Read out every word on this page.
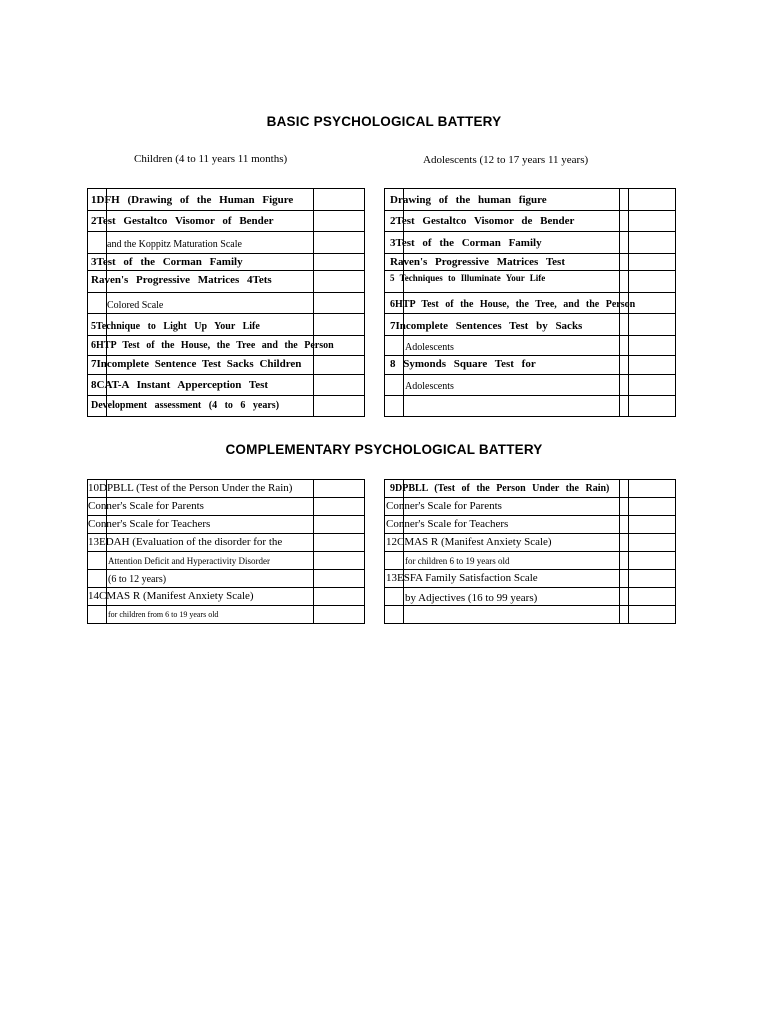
BASIC PSYCHOLOGICAL BATTERY
Children (4 to 11 years 11 months)	Adolescents (12 to 17 years 11 years)
1DFH (Drawing of the Human Figure
2Test Gestaltco Visomor of Bender
and the Koppitz Maturation Scale
3Test of the Corman Family
Raven's Progressive Matrices 4Tets
Colored Scale
5Technique to Light Up Your Life
6HTP Test of the House, the Tree and the Person
7Incomplete Sentence Test Sacks Children
8CAT-A Instant Apperception Test
Development assessment (4 to 6 years)
Drawing of the human figure
2Test Gestaltco Visomor de Bender
3Test of the Corman Family
Raven's Progressive Matrices Test
5 Techniques to Illuminate Your Life
6HTP Test of the House, the Tree, and the Person
7Incomplete Sentences Test by Sacks
Adolescents
8 Symonds Square Test for
Adolescents
COMPLEMENTARY PSYCHOLOGICAL BATTERY
10DPBLL (Test of the Person Under the Rain)
Conner's Scale for Parents
Conner's Scale for Teachers
13EDAH (Evaluation of the disorder for the
Attention Deficit and Hyperactivity Disorder
(6 to 12 years)
14CMAS R (Manifest Anxiety Scale)
for children from 6 to 19 years old
9DPBLL (Test of the Person Under the Rain)
Conner's Scale for Parents
Conner's Scale for Teachers
12CMAS R (Manifest Anxiety Scale)
for children 6 to 19 years old
13ESFA Family Satisfaction Scale
by Adjectives (16 to 99 years)
